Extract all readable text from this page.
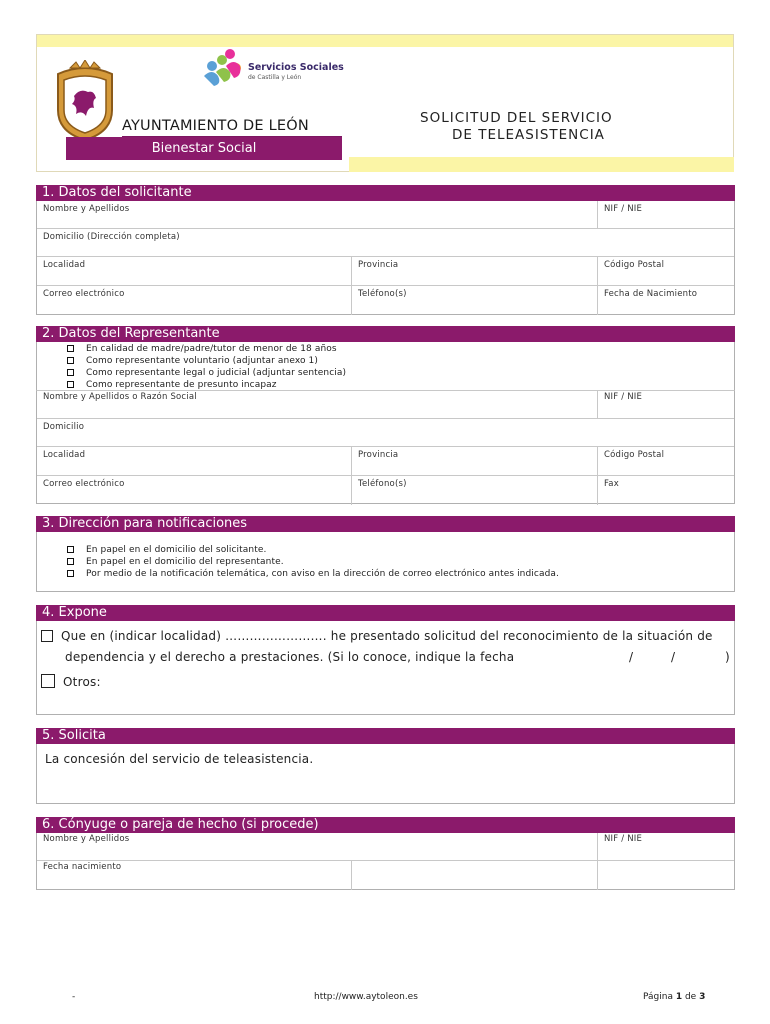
Servicios Sociales
de Castilla y León
AYUNTAMIENTO DE LEÓN
Bienestar Social
SOLICITUD DEL SERVICIO
DE TELEASISTENCIA
1. Datos del solicitante
Nombre y Apellidos	NIF / NIE
Domicilio (Dirección completa)
Localidad	Provincia	Código Postal
Correo electrónico	Teléfono(s)	Fecha de Nacimiento
2. Datos del Representante
En calidad de madre/padre/tutor de menor de 18 años
Como representante voluntario (adjuntar anexo 1)
Como representante legal o judicial (adjuntar sentencia)
Como representante de presunto incapaz
Nombre y Apellidos o Razón Social	NIF / NIE
Domicilio
Localidad	Provincia	Código Postal
Correo electrónico	Teléfono(s)	Fax
3. Dirección para notificaciones
En papel en el domicilio del solicitante.
En papel en el domicilio del representante.
Por medio de la notificación telemática, con aviso en la dirección de correo electrónico antes indicada.
4. Expone
Que en (indicar localidad) ……………………. he presentado solicitud del reconocimiento de la situación de
dependencia y el derecho a prestaciones. (Si lo conoce, indique la fecha	/	/	)
Otros:
5. Solicita
La concesión del servicio de teleasistencia.
6. Cónyuge o pareja de hecho (si procede)
Nombre y Apellidos	NIF / NIE
Fecha nacimiento
-	http://www.aytoleon.es	Página 1 de 3
